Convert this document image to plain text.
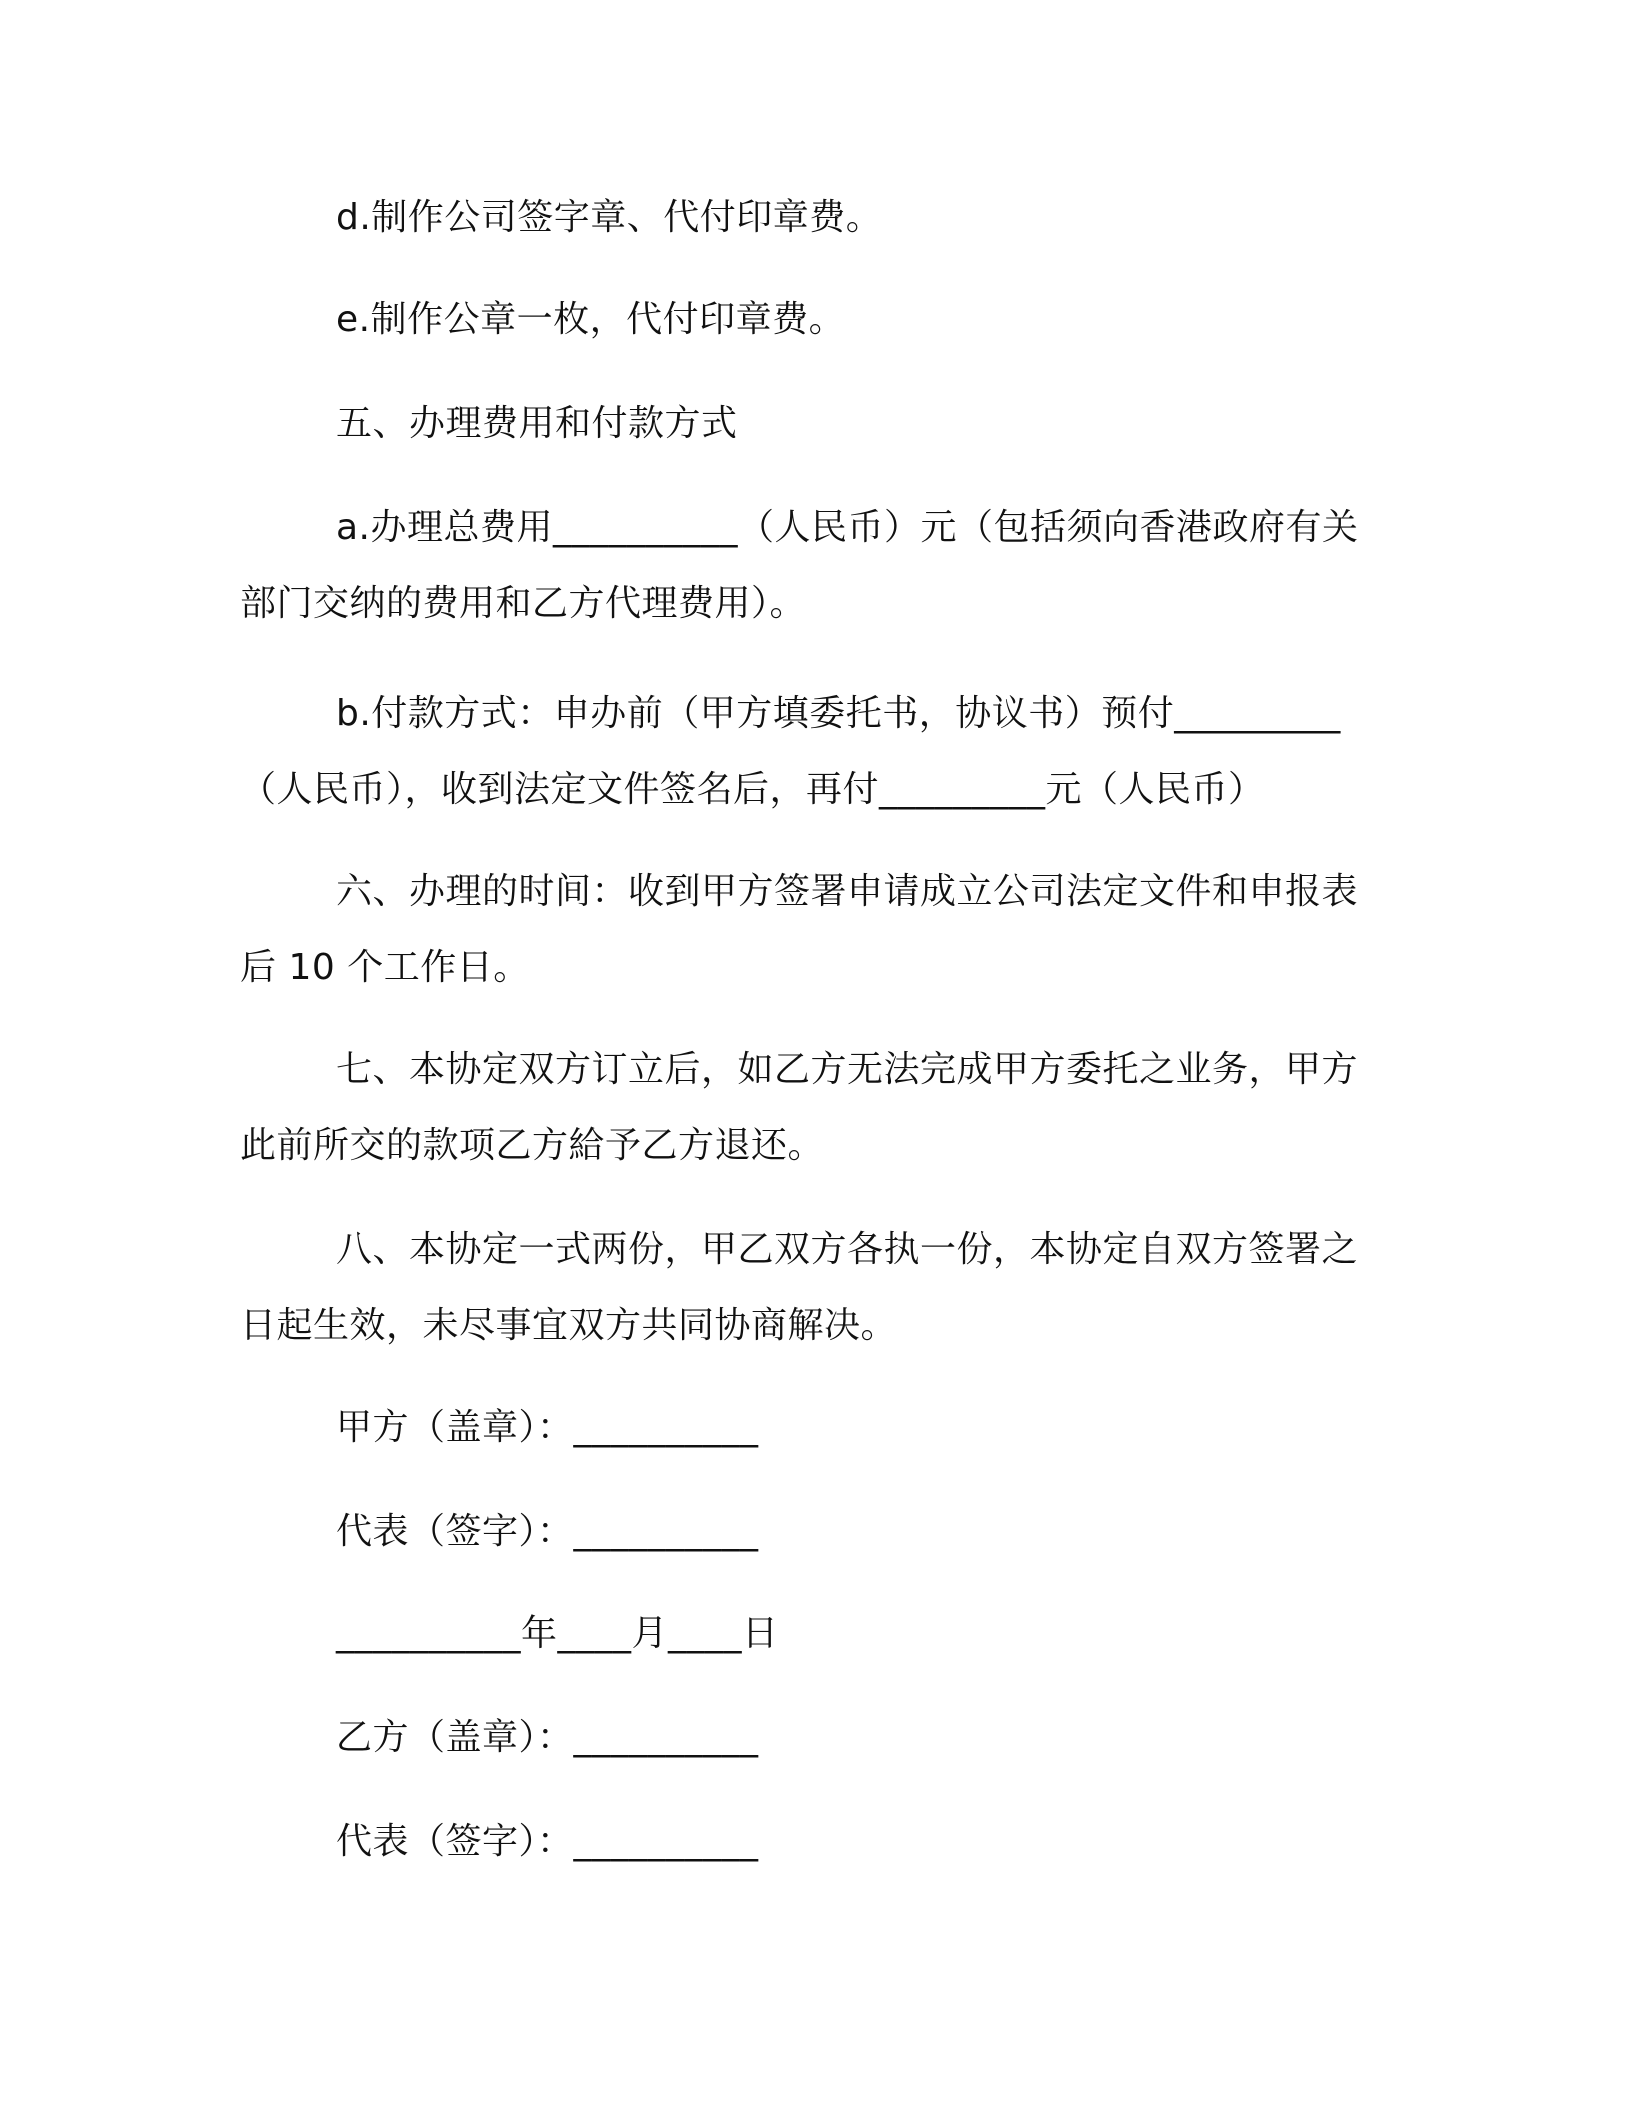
d.制作公司签字章、代付印章费。

e.制作公章一枚，代付印章费。

五、办理费用和付款方式

a.办理总费用__________（人民币）元（包括须向香港政府有关部门交纳的费用和乙方代理费用）。

b.付款方式：申办前（甲方填委托书，协议书）预付_________（人民币），收到法定文件签名后，再付_________元（人民币）

六、办理的时间：收到甲方签署申请成立公司法定文件和申报表后 10 个工作日。

七、本协定双方订立后，如乙方无法完成甲方委托之业务，甲方此前所交的款项乙方給予乙方退还。

八、本协定一式两份，甲乙双方各执一份，本协定自双方签署之日起生效，未尽事宜双方共同协商解决。

甲方（盖章）：__________

代表（签字）：__________

__________年____月____日

乙方（盖章）：__________

代表（签字）：__________
